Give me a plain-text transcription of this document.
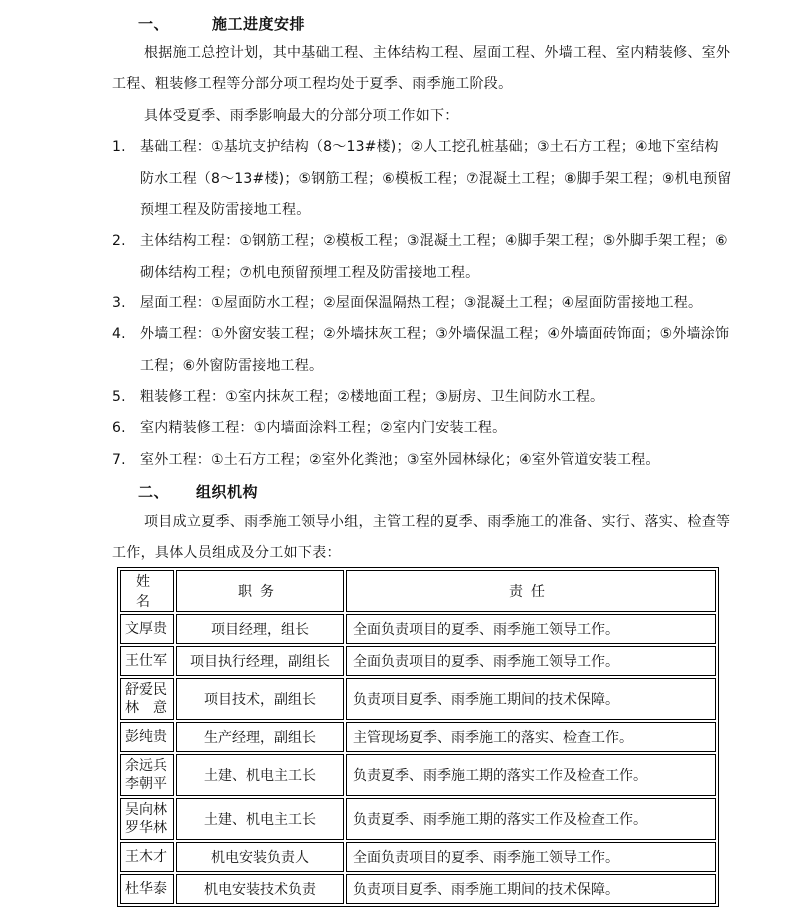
一、	施工进度安排
根据施工总控计划，其中基础工程、主体结构工程、屋面工程、外墙工程、室内精装修、室外工程、粗装修工程等分部分项工程均处于夏季、雨季施工阶段。
具体受夏季、雨季影响最大的分部分项工作如下：
1.	基础工程：①基坑支护结构（8～13#楼)；②人工挖孔桩基础；③土石方工程；④地下室结构防水工程（8～13#楼)；⑤钢筋工程；⑥模板工程；⑦混凝土工程；⑧脚手架工程；⑨机电预留预埋工程及防雷接地工程。
2.	主体结构工程：①钢筋工程；②模板工程；③混凝土工程；④脚手架工程；⑤外脚手架工程；⑥砌体结构工程；⑦机电预留预埋工程及防雷接地工程。
3.	屋面工程：①屋面防水工程；②屋面保温隔热工程；③混凝土工程；④屋面防雷接地工程。
4.	外墙工程：①外窗安装工程；②外墙抹灰工程；③外墙保温工程；④外墙面砖饰面；⑤外墙涂饰工程；⑥外窗防雷接地工程。
5.	粗装修工程：①室内抹灰工程；②楼地面工程；③厨房、卫生间防水工程。
6.	室内精装修工程：①内墙面涂料工程；②室内门安装工程。
7.	室外工程：①土石方工程；②室外化粪池；③室外园林绿化；④室外管道安装工程。
二、 组织机构
项目成立夏季、雨季施工领导小组，主管工程的夏季、雨季施工的准备、实行、落实、检查等工作，具体人员组成及分工如下表：
姓名	职务	责任
文厚贵	项目经理，组长	全面负责项目的夏季、雨季施工领导工作。
王仕军	项目执行经理，副组长	全面负责项目的夏季、雨季施工领导工作。
舒爱民
林　意	项目技术，副组长	负责项目夏季、雨季施工期间的技术保障。
彭纯贵	生产经理，副组长	主管现场夏季、雨季施工的落实、检查工作。
余远兵
李朝平	土建、机电主工长	负责夏季、雨季施工期的落实工作及检查工作。
吴向林
罗华林	土建、机电主工长	负责夏季、雨季施工期的落实工作及检查工作。
王木才	机电安装负责人	全面负责项目的夏季、雨季施工领导工作。
杜华泰	机电安装技术负责	负责项目夏季、雨季施工期间的技术保障。
